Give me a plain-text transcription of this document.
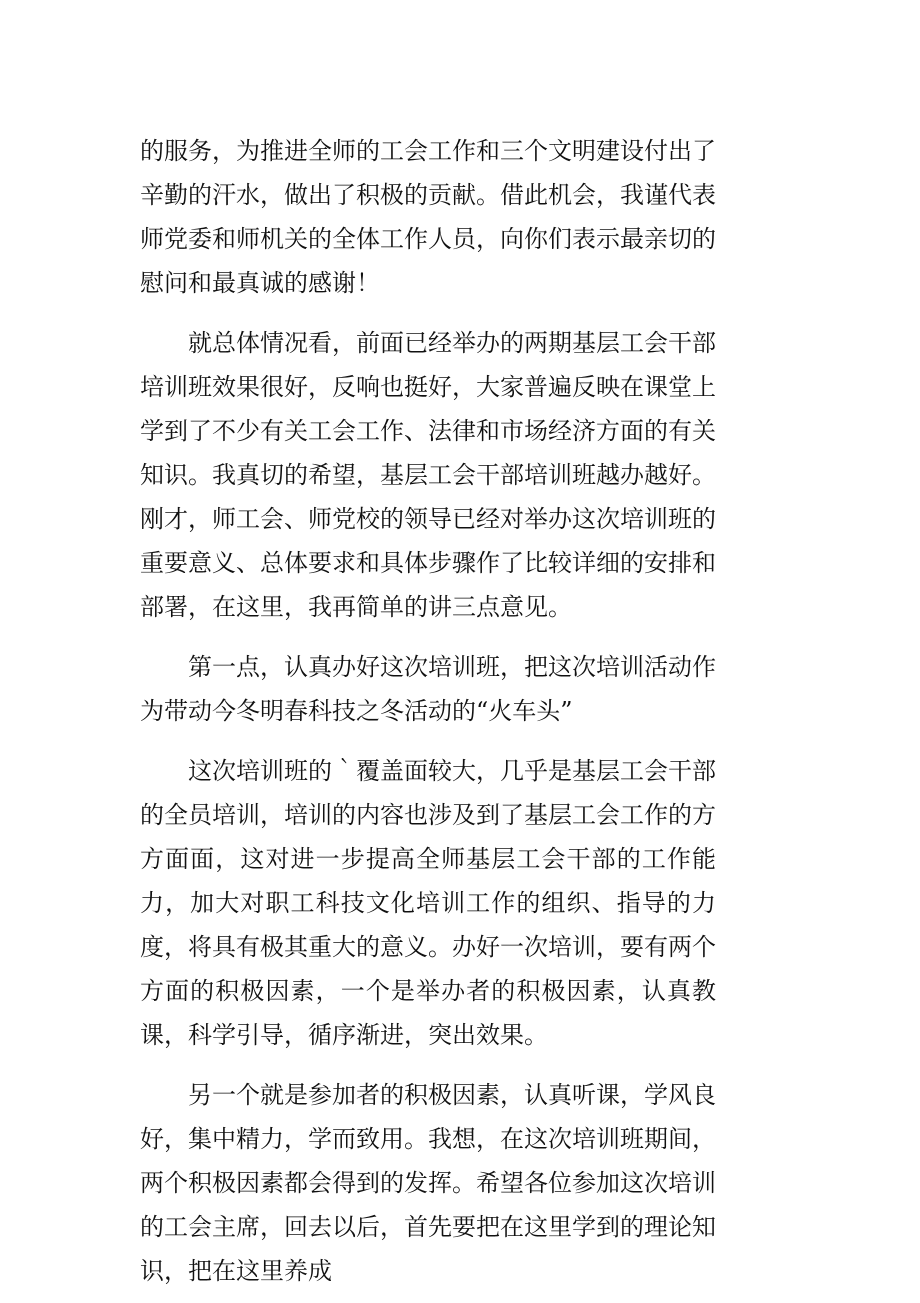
的服务，为推进全师的工会工作和三个文明建设付出了辛勤的汗水，做出了积极的贡献。借此机会，我谨代表师党委和师机关的全体工作人员，向你们表示最亲切的慰问和最真诚的感谢！

就总体情况看，前面已经举办的两期基层工会干部培训班效果很好，反响也挺好，大家普遍反映在课堂上学到了不少有关工会工作、法律和市场经济方面的有关知识。我真切的希望，基层工会干部培训班越办越好。刚才，师工会、师党校的领导已经对举办这次培训班的重要意义、总体要求和具体步骤作了比较详细的安排和部署，在这里，我再简单的讲三点意见。

第一点，认真办好这次培训班，把这次培训活动作为带动今冬明春科技之冬活动的“火车头”

这次培训班的｀覆盖面较大，几乎是基层工会干部的全员培训，培训的内容也涉及到了基层工会工作的方方面面，这对进一步提高全师基层工会干部的工作能力，加大对职工科技文化培训工作的组织、指导的力度，将具有极其重大的意义。办好一次培训，要有两个方面的积极因素，一个是举办者的积极因素，认真教课，科学引导，循序渐进，突出效果。

另一个就是参加者的积极因素，认真听课，学风良好，集中精力，学而致用。我想，在这次培训班期间，两个积极因素都会得到的发挥。希望各位参加这次培训的工会主席，回去以后，首先要把在这里学到的理论知识，把在这里养成
